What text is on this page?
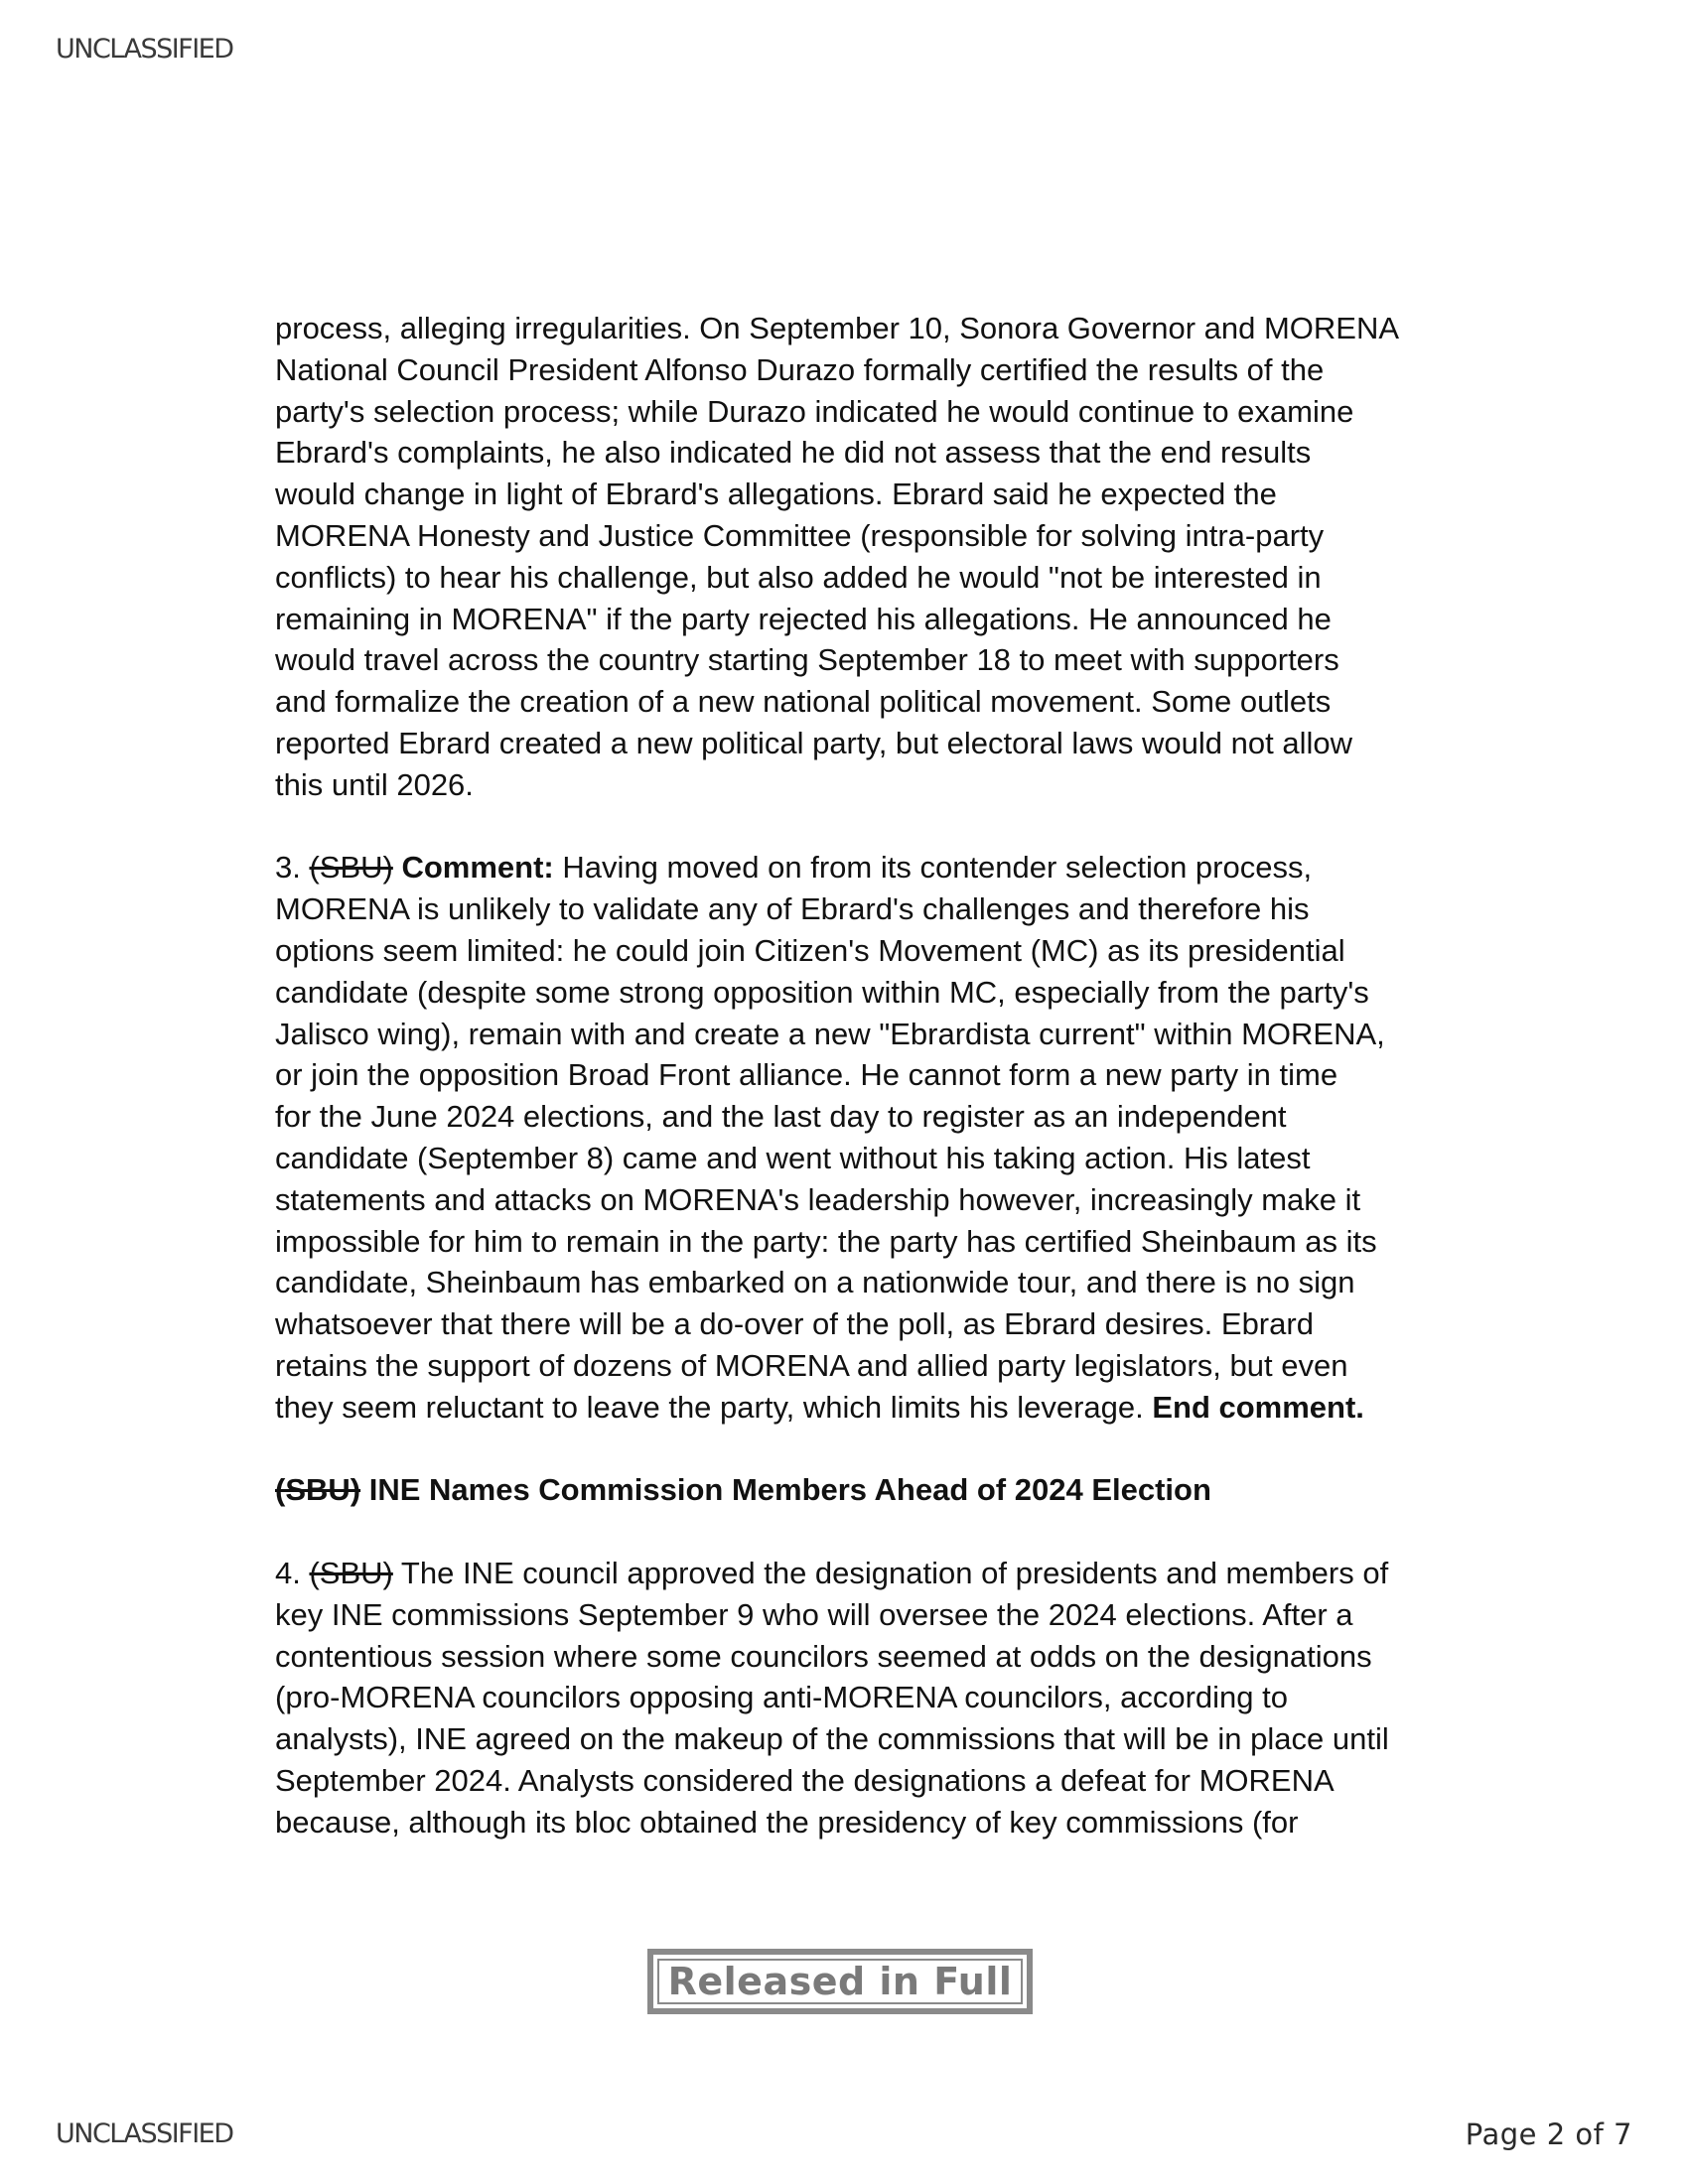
UNCLASSIFIED

process, alleging irregularities. On September 10, Sonora Governor and MORENA
National Council President Alfonso Durazo formally certified the results of the
party's selection process; while Durazo indicated he would continue to examine
Ebrard's complaints, he also indicated he did not assess that the end results
would change in light of Ebrard's allegations. Ebrard said he expected the
MORENA Honesty and Justice Committee (responsible for solving intra-party
conflicts) to hear his challenge, but also added he would "not be interested in
remaining in MORENA" if the party rejected his allegations. He announced he
would travel across the country starting September 18 to meet with supporters
and formalize the creation of a new national political movement. Some outlets
reported Ebrard created a new political party, but electoral laws would not allow
this until 2026.

3. (SBU) Comment: Having moved on from its contender selection process,
MORENA is unlikely to validate any of Ebrard's challenges and therefore his
options seem limited: he could join Citizen's Movement (MC) as its presidential
candidate (despite some strong opposition within MC, especially from the party's
Jalisco wing), remain with and create a new "Ebrardista current" within MORENA,
or join the opposition Broad Front alliance. He cannot form a new party in time
for the June 2024 elections, and the last day to register as an independent
candidate (September 8) came and went without his taking action. His latest
statements and attacks on MORENA's leadership however, increasingly make it
impossible for him to remain in the party: the party has certified Sheinbaum as its
candidate, Sheinbaum has embarked on a nationwide tour, and there is no sign
whatsoever that there will be a do-over of the poll, as Ebrard desires. Ebrard
retains the support of dozens of MORENA and allied party legislators, but even
they seem reluctant to leave the party, which limits his leverage. End comment.

(SBU) INE Names Commission Members Ahead of 2024 Election

4. (SBU) The INE council approved the designation of presidents and members of
key INE commissions September 9 who will oversee the 2024 elections. After a
contentious session where some councilors seemed at odds on the designations
(pro-MORENA councilors opposing anti-MORENA councilors, according to
analysts), INE agreed on the makeup of the commissions that will be in place until
September 2024. Analysts considered the designations a defeat for MORENA
because, although its bloc obtained the presidency of key commissions (for

Released in Full
UNCLASSIFIED	Page 2 of 7
